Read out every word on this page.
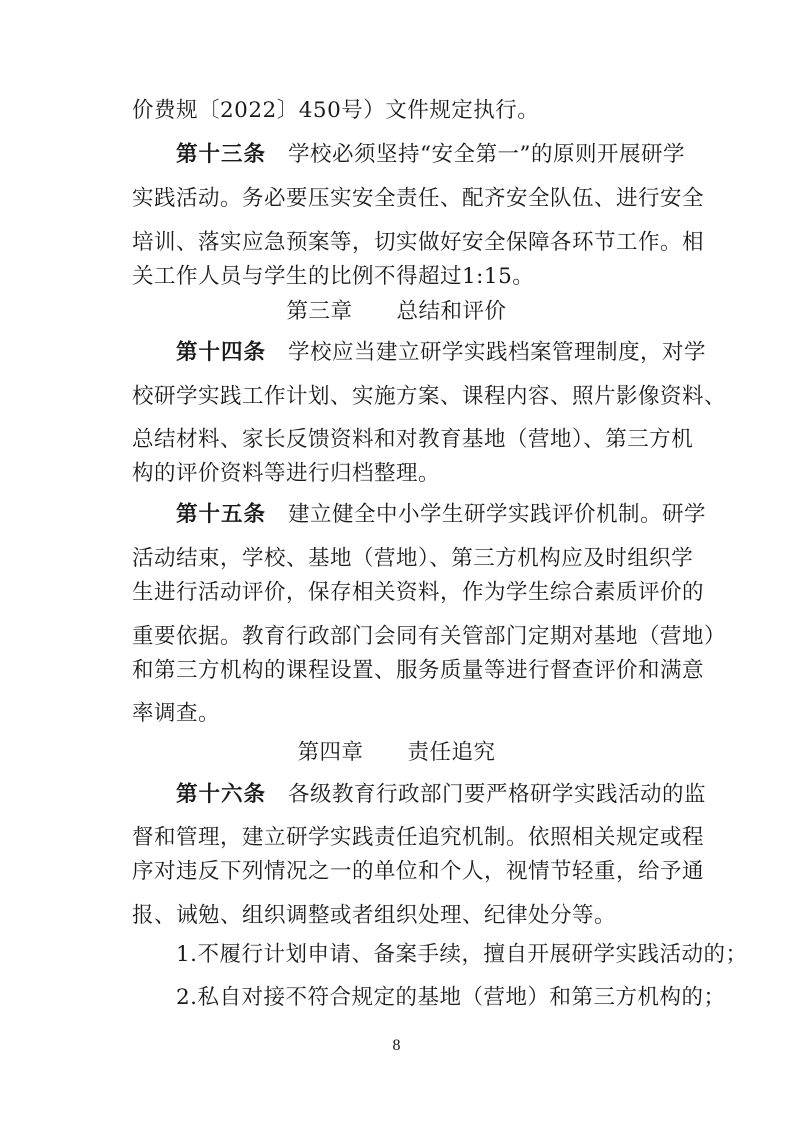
价费规〔2022〕450号）文件规定执行。
第十三条　 学校必须坚持“安全第一”的原则开展研学
实践活动。务必要压实安全责任、配齐安全队伍、进行安全
培训、落实应急预案等，切实做好安全保障各环节工作。相
关工作人员与学生的比例不得超过1:15。
第三章　　总结和评价
第十四条　 学校应当建立研学实践档案管理制度，对学
校研学实践工作计划、实施方案、课程内容、照片影像资料、
总结材料、家长反馈资料和对教育基地（营地）、第三方机
构的评价资料等进行归档整理。
第十五条　 建立健全中小学生研学实践评价机制。研学
活动结束，学校、基地（营地）、第三方机构应及时组织学
生进行活动评价，保存相关资料，作为学生综合素质评价的
重要依据。教育行政部门会同有关管部门定期对基地（营地）
和第三方机构的课程设置、服务质量等进行督查评价和满意
率调查。
第四章　　责任追究
第十六条　 各级教育行政部门要严格研学实践活动的监
督和管理，建立研学实践责任追究机制。依照相关规定或程
序对违反下列情况之一的单位和个人，视情节轻重，给予通
报、诫勉、组织调整或者组织处理、纪律处分等。
1.不履行计划申请、备案手续，擅自开展研学实践活动的；
2.私自对接不符合规定的基地（营地）和第三方机构的；
8
